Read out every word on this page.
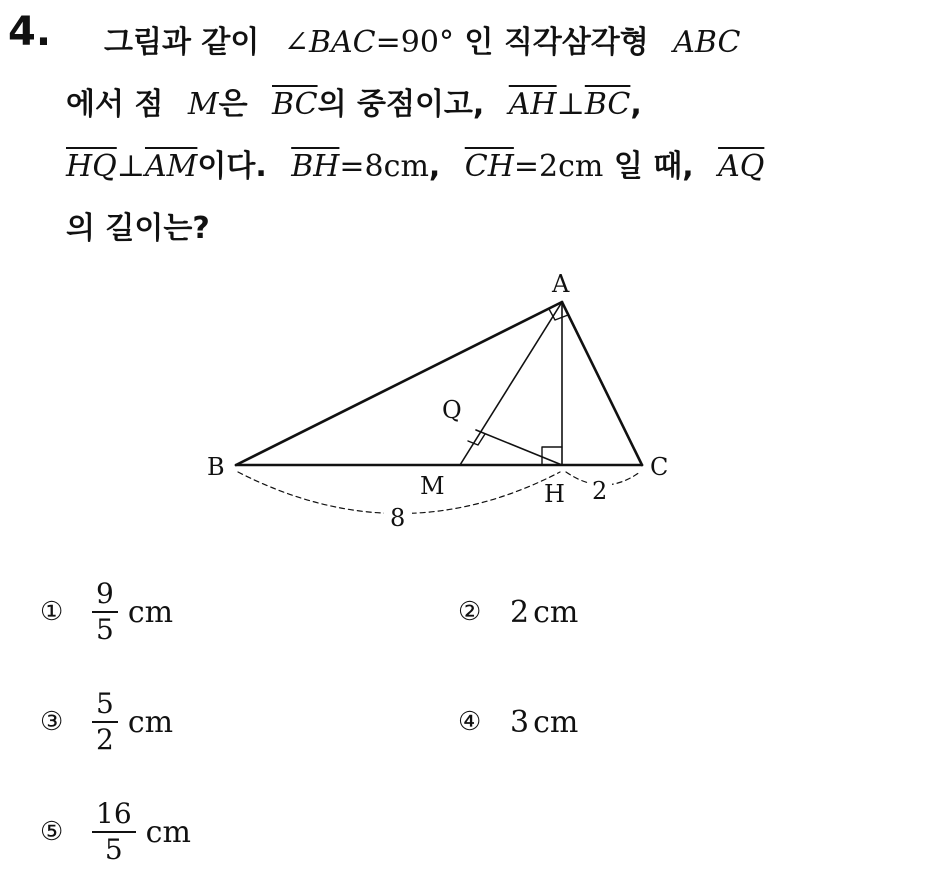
4.	그림과 같이 ∠BAC=90° 인 직각삼각형 ABC
에서 점 M은 $\overline{BC}$의 중점이고, $\overline{AH}\perp\overline{BC}$,
$\overline{HQ}\perp\overline{AM}$이다. $\overline{BH}=8cm$, $\overline{CH}=2cm$ 일 때, $\overline{AQ}$
의 길이는?
A
B	C
M	H
Q
8
2
①	$\frac{9}{5}$ cm	② 2 cm
③	$\frac{5}{2}$ cm	④ 3 cm
⑤	$\frac{16}{5}$ cm
